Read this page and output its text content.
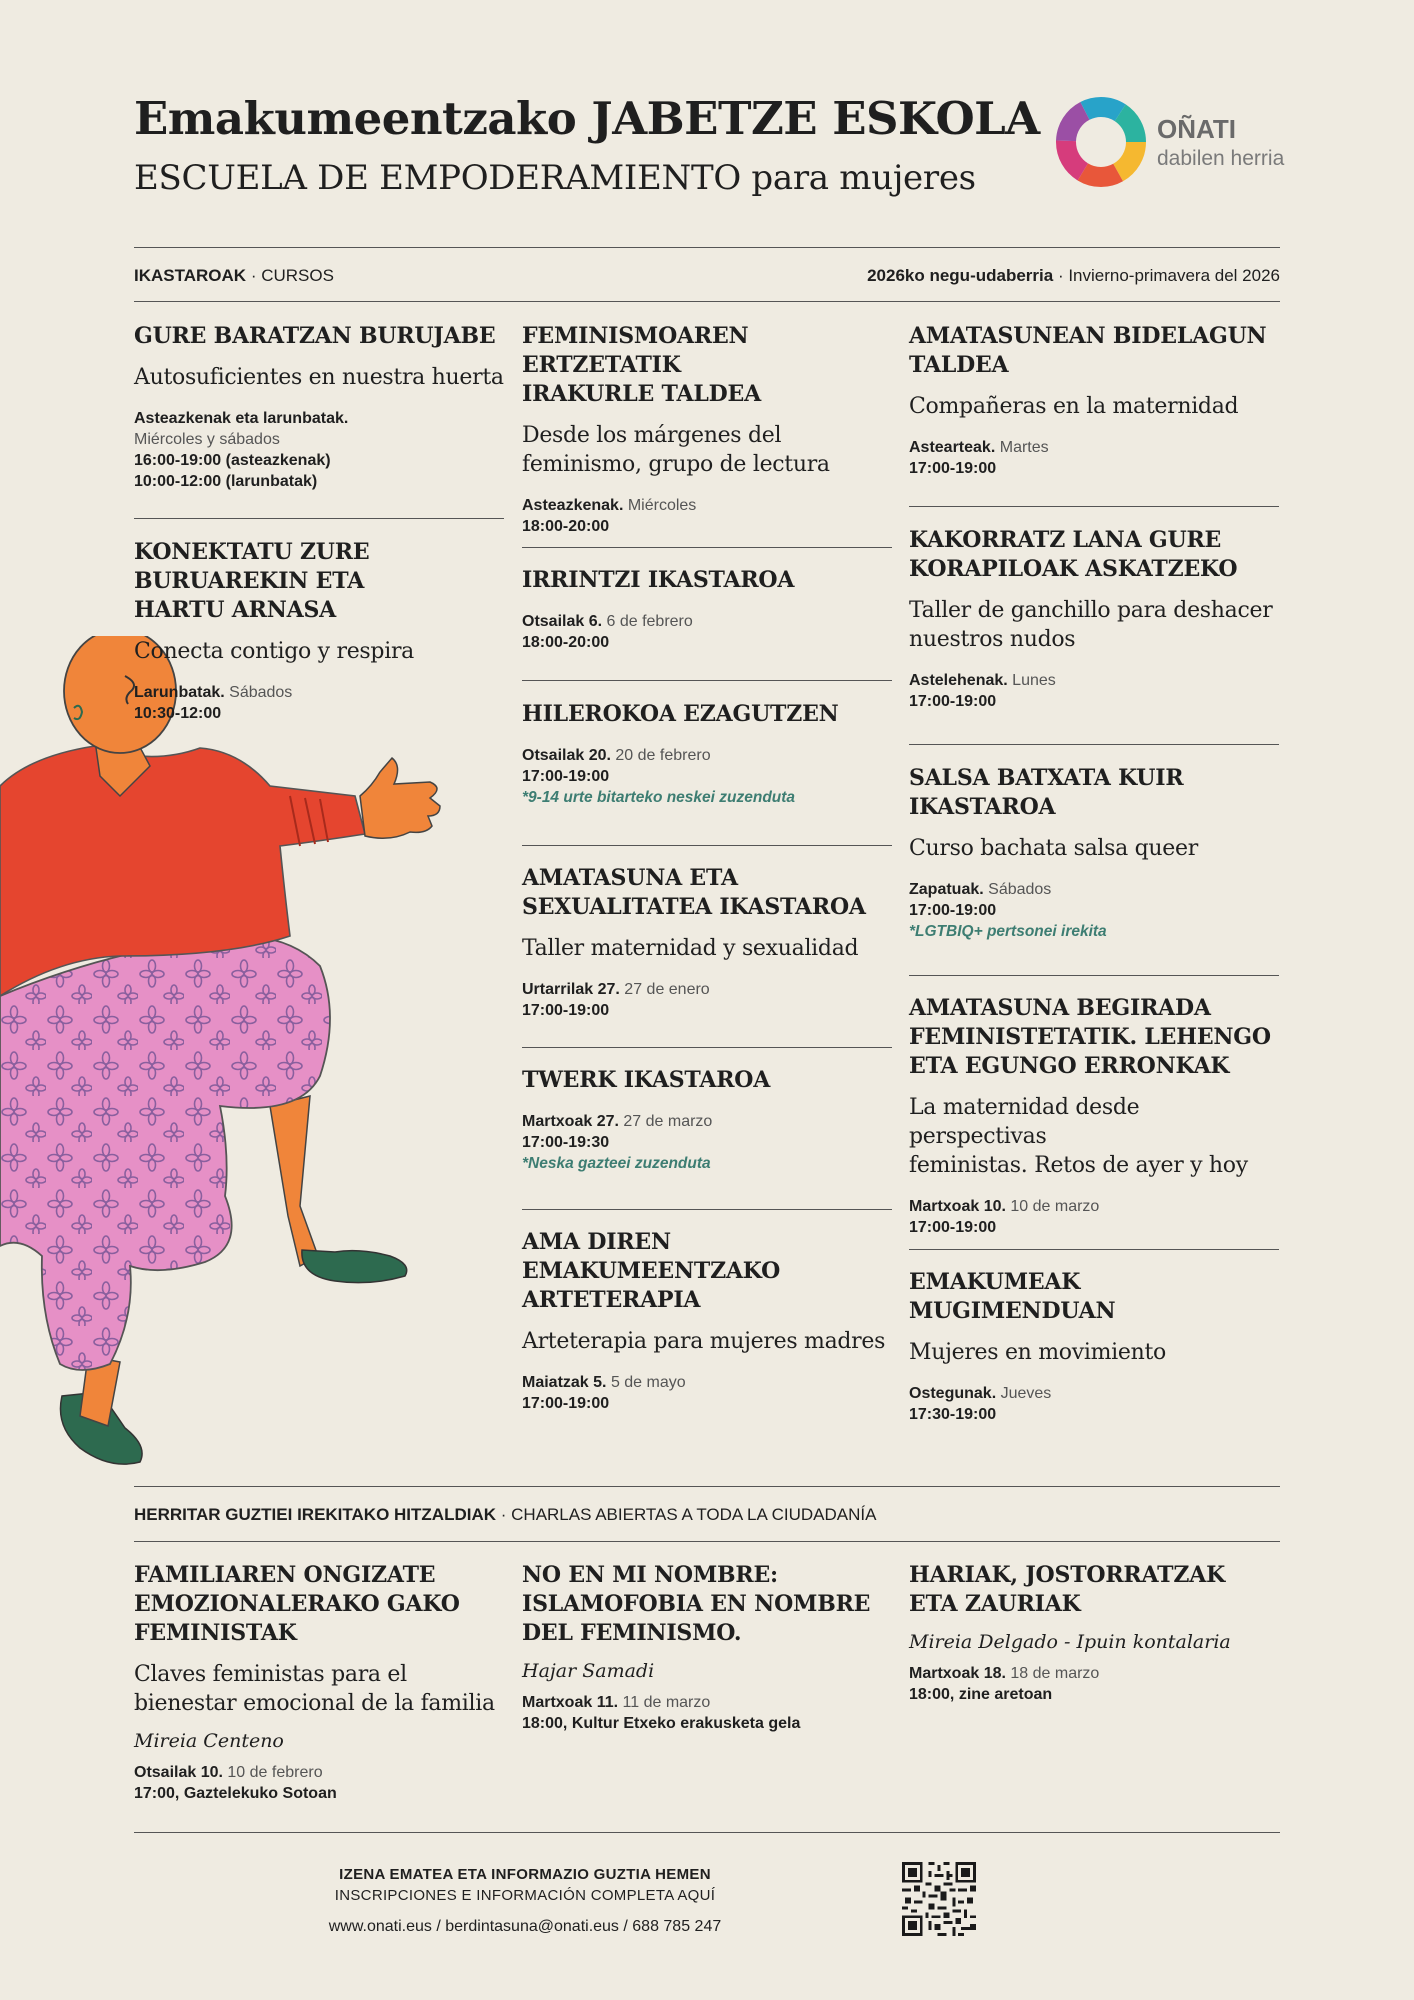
Emakumeentzako JABETZE ESKOLA
ESCUELA DE EMPODERAMIENTO para mujeres
OÑATI
dabilen herria
IKASTAROAK · CURSOS	2026ko negu-udaberria · Invierno-primavera del 2026
GURE BARATZAN BURUJABE
Autosuficientes en nuestra huerta
Asteazkenak eta larunbatak.
Miércoles y sábados
16:00-19:00 (asteazkenak)
10:00-12:00 (larunbatak)
KONEKTATU ZURE
BURUAREKIN ETA
HARTU ARNASA
Conecta contigo y respira
Larunbatak. Sábados
10:30-12:00
FEMINISMOAREN ERTZETATIK
IRAKURLE TALDEA
Desde los márgenes del
feminismo, grupo de lectura
Asteazkenak. Miércoles
18:00-20:00
IRRINTZI IKASTAROA
Otsailak 6. 6 de febrero
18:00-20:00
HILEROKOA EZAGUTZEN
Otsailak 20. 20 de febrero
17:00-19:00
*9-14 urte bitarteko neskei zuzenduta
AMATASUNA ETA
SEXUALITATEA IKASTAROA
Taller maternidad y sexualidad
Urtarrilak 27. 27 de enero
17:00-19:00
TWERK IKASTAROA
Martxoak 27. 27 de marzo
17:00-19:30
*Neska gazteei zuzenduta
AMA DIREN
EMAKUMEENTZAKO
ARTETERAPIA
Arteterapia para mujeres madres
Maiatzak 5. 5 de mayo
17:00-19:00
AMATASUNEAN BIDELAGUN
TALDEA
Compañeras en la maternidad
Astearteak. Martes
17:00-19:00
KAKORRATZ LANA GURE
KORAPILOAK ASKATZEKO
Taller de ganchillo para deshacer
nuestros nudos
Astelehenak. Lunes
17:00-19:00
SALSA BATXATA KUIR
IKASTAROA
Curso bachata salsa queer
Zapatuak. Sábados
17:00-19:00
*LGTBIQ+ pertsonei irekita
AMATASUNA BEGIRADA
FEMINISTETATIK. LEHENGO
ETA EGUNGO ERRONKAK
La maternidad desde perspectivas
feministas. Retos de ayer y hoy
Martxoak 10. 10 de marzo
17:00-19:00
EMAKUMEAK MUGIMENDUAN
Mujeres en movimiento
Ostegunak. Jueves
17:30-19:00
HERRITAR GUZTIEI IREKITAKO HITZALDIAK · CHARLAS ABIERTAS A TODA LA CIUDADANÍA
FAMILIAREN ONGIZATE
EMOZIONALERAKO GAKO
FEMINISTAK
Claves feministas para el
bienestar emocional de la familia
Mireia Centeno
Otsailak 10. 10 de febrero
17:00, Gaztelekuko Sotoan
NO EN MI NOMBRE:
ISLAMOFOBIA EN NOMBRE
DEL FEMINISMO.
Hajar Samadi
Martxoak 11. 11 de marzo
18:00, Kultur Etxeko erakusketa gela
HARIAK, JOSTORRATZAK
ETA ZAURIAK
Mireia Delgado - Ipuin kontalaria
Martxoak 18. 18 de marzo
18:00, zine aretoan
IZENA EMATEA ETA INFORMAZIO GUZTIA HEMEN
INSCRIPCIONES E INFORMACIÓN COMPLETA AQUÍ
www.onati.eus / berdintasuna@onati.eus / 688 785 247
